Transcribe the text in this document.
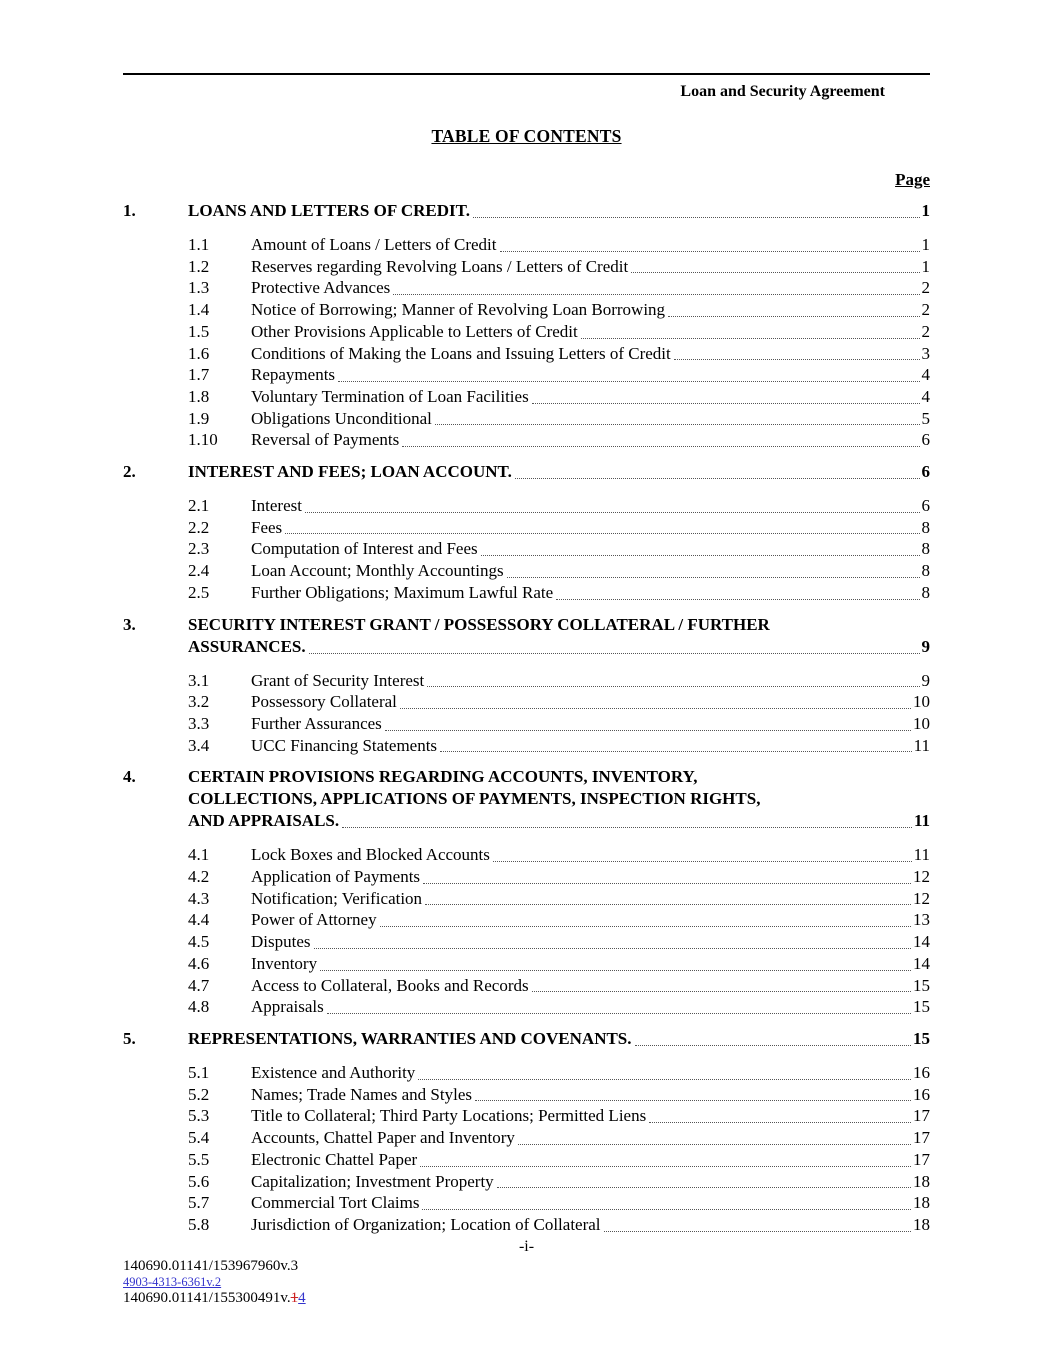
Loan and Security Agreement
TABLE OF CONTENTS
Page
1.	LOANS AND LETTERS OF CREDIT.	1
1.1	Amount of Loans / Letters of Credit	1
1.2	Reserves regarding Revolving Loans / Letters of Credit	1
1.3	Protective Advances	2
1.4	Notice of Borrowing; Manner of Revolving Loan Borrowing	2
1.5	Other Provisions Applicable to Letters of Credit	2
1.6	Conditions of Making the Loans and Issuing Letters of Credit	3
1.7	Repayments	4
1.8	Voluntary Termination of Loan Facilities	4
1.9	Obligations Unconditional	5
1.10	Reversal of Payments	6
2.	INTEREST AND FEES; LOAN ACCOUNT.	6
2.1	Interest	6
2.2	Fees	8
2.3	Computation of Interest and Fees	8
2.4	Loan Account; Monthly Accountings	8
2.5	Further Obligations; Maximum Lawful Rate	8
3.	SECURITY INTEREST GRANT / POSSESSORY COLLATERAL / FURTHER
ASSURANCES.	9
3.1	Grant of Security Interest	9
3.2	Possessory Collateral	10
3.3	Further Assurances	10
3.4	UCC Financing Statements	11
4.	CERTAIN PROVISIONS REGARDING ACCOUNTS, INVENTORY,
COLLECTIONS, APPLICATIONS OF PAYMENTS, INSPECTION RIGHTS,
AND APPRAISALS.	11
4.1	Lock Boxes and Blocked Accounts	11
4.2	Application of Payments	12
4.3	Notification; Verification	12
4.4	Power of Attorney	13
4.5	Disputes	14
4.6	Inventory	14
4.7	Access to Collateral, Books and Records	15
4.8	Appraisals	15
5.	REPRESENTATIONS, WARRANTIES AND COVENANTS.	15
5.1	Existence and Authority	16
5.2	Names; Trade Names and Styles	16
5.3	Title to Collateral; Third Party Locations; Permitted Liens	17
5.4	Accounts, Chattel Paper and Inventory	17
5.5	Electronic Chattel Paper	17
5.6	Capitalization; Investment Property	18
5.7	Commercial Tort Claims	18
5.8	Jurisdiction of Organization; Location of Collateral	18
-i-
140690.01141/153967960v.3
4903-4313-6361v.2
140690.01141/155300491v.14
